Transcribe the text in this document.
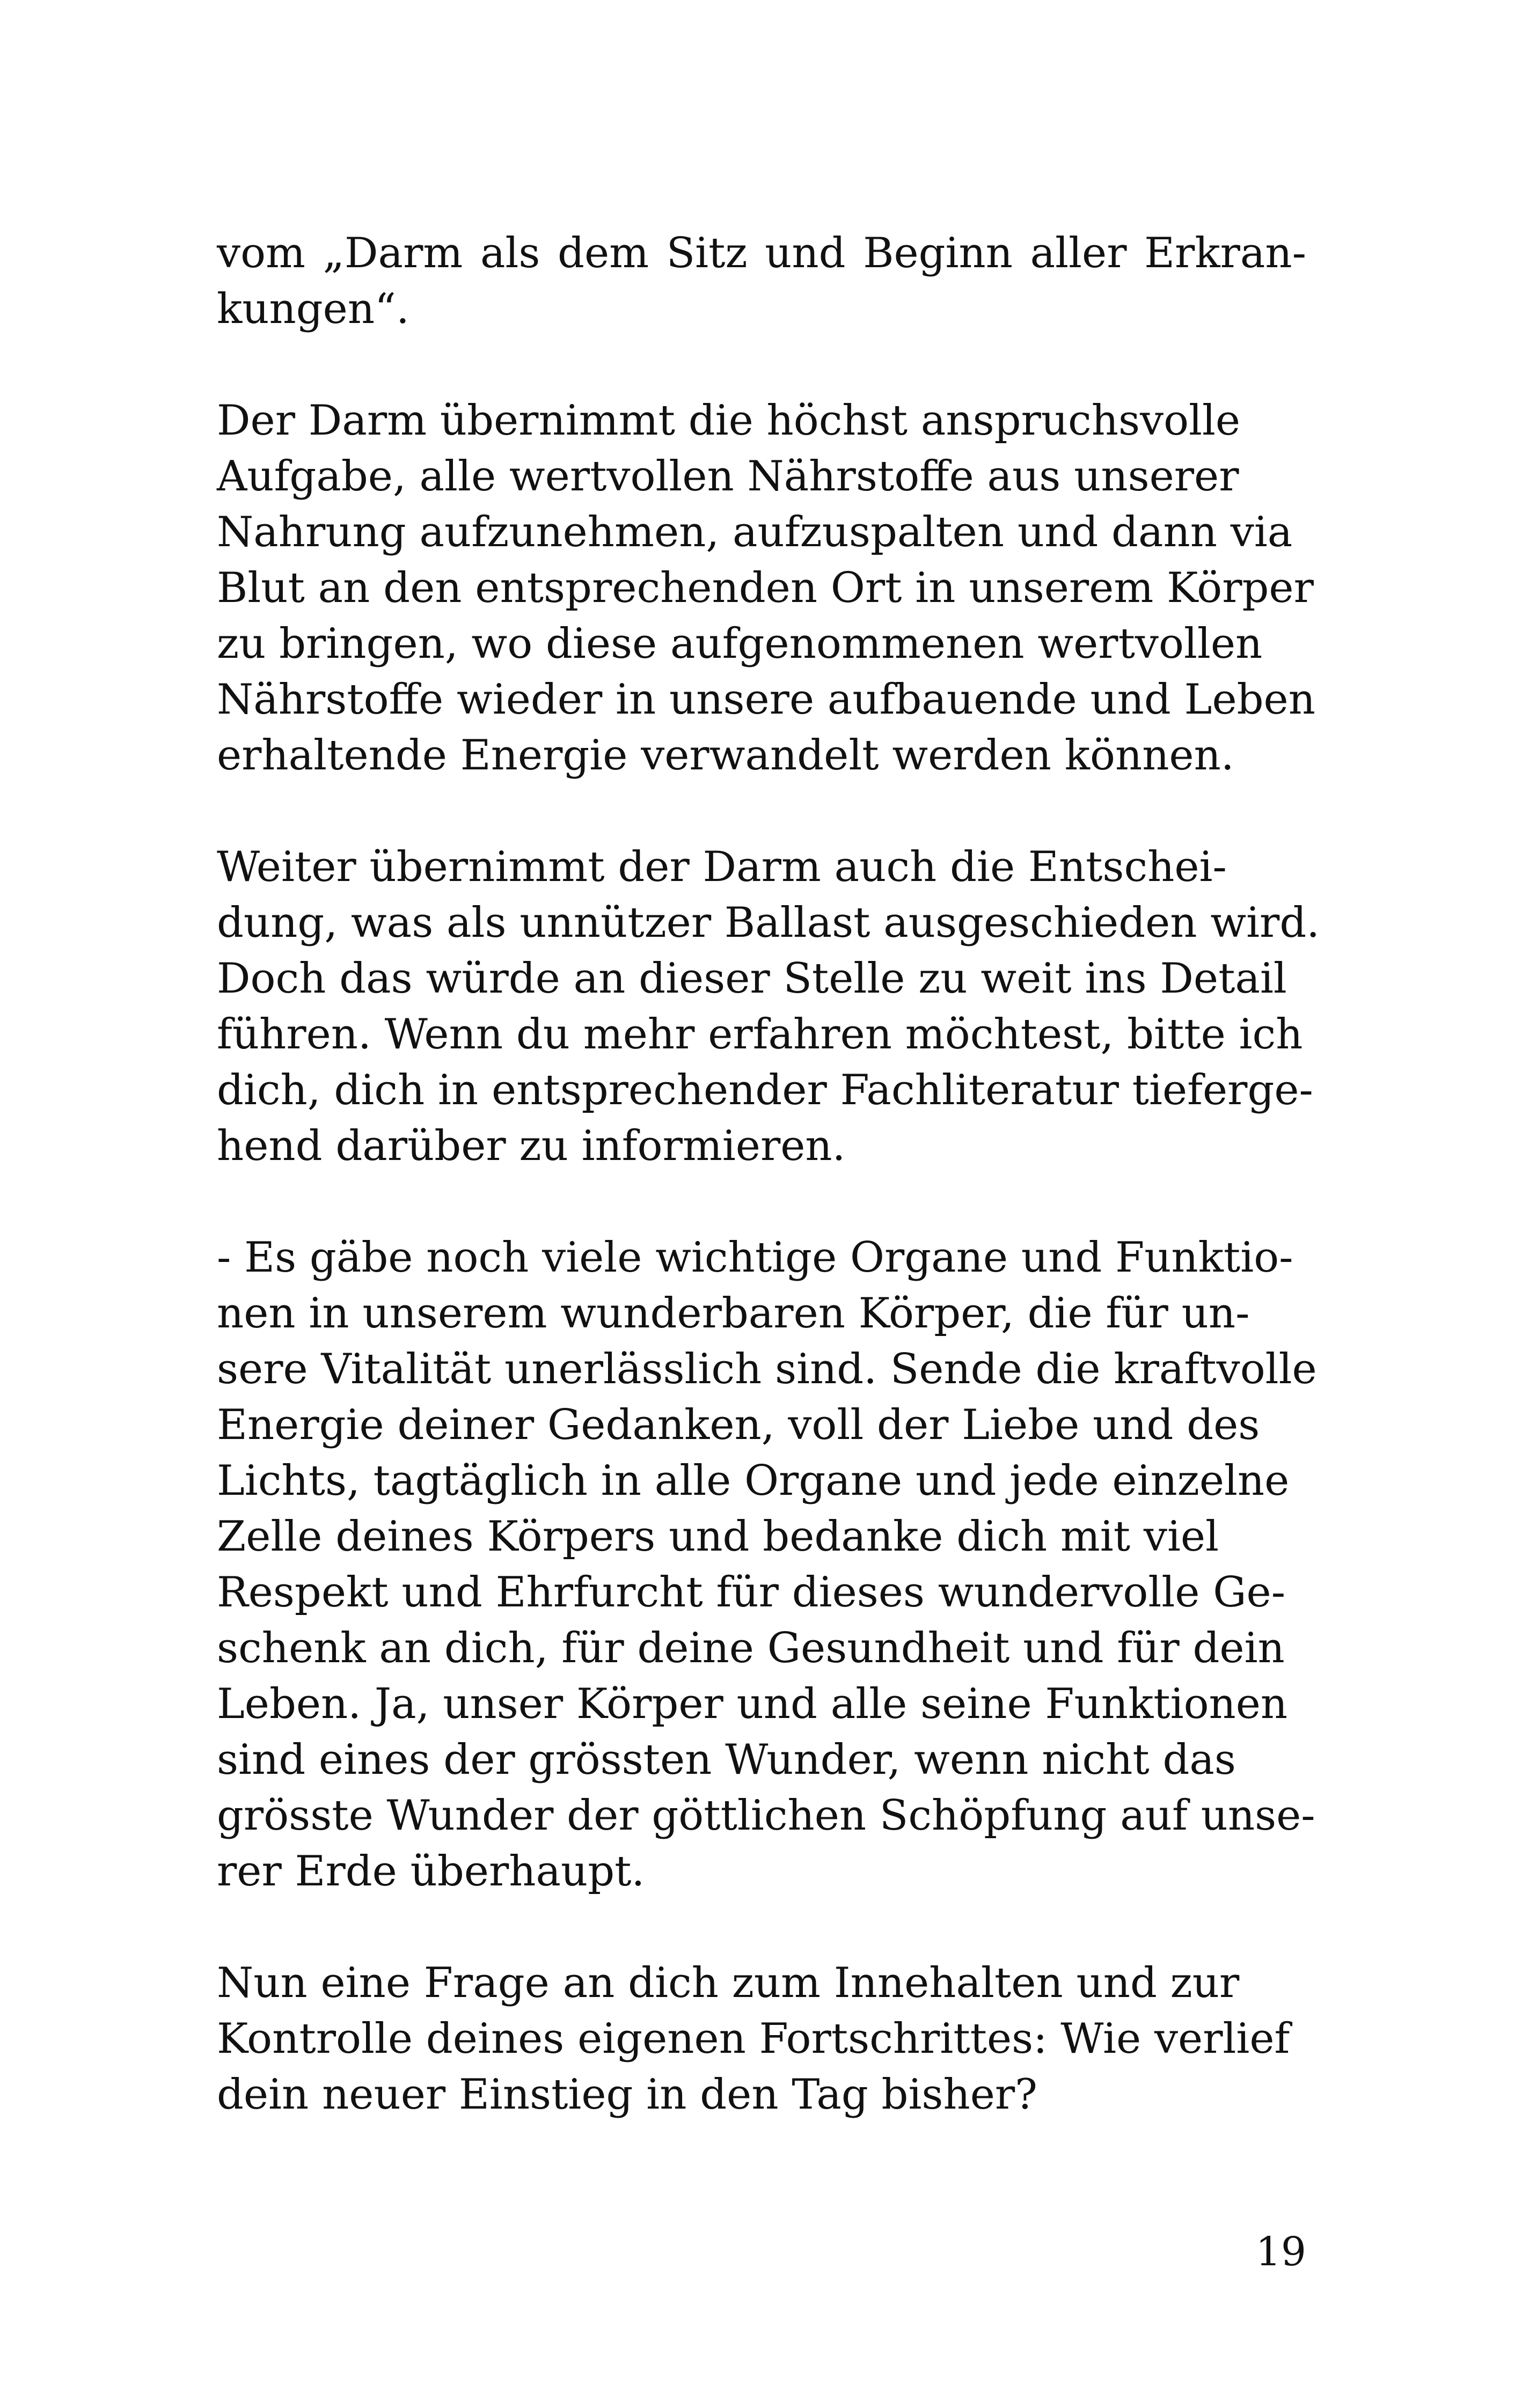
vom „Darm als dem Sitz und Beginn aller Erkran-
kungen“.
Der Darm übernimmt die höchst anspruchsvolle
Aufgabe, alle wertvollen Nährstoffe aus unserer
Nahrung aufzunehmen, aufzuspalten und dann via
Blut an den entsprechenden Ort in unserem Körper
zu bringen, wo diese aufgenommenen wertvollen
Nährstoffe wieder in unsere aufbauende und Leben
erhaltende Energie verwandelt werden können.
Weiter übernimmt der Darm auch die Entschei-
dung, was als unnützer Ballast ausgeschieden wird.
Doch das würde an dieser Stelle zu weit ins Detail
führen. Wenn du mehr erfahren möchtest, bitte ich
dich, dich in entsprechender Fachliteratur tieferge-
hend darüber zu informieren.
- Es gäbe noch viele wichtige Organe und Funktio-
nen in unserem wunderbaren Körper, die für un-
sere Vitalität unerlässlich sind. Sende die kraftvolle
Energie deiner Gedanken, voll der Liebe und des
Lichts, tagtäglich in alle Organe und jede einzelne
Zelle deines Körpers und bedanke dich mit viel
Respekt und Ehrfurcht für dieses wundervolle Ge-
schenk an dich, für deine Gesundheit und für dein
Leben. Ja, unser Körper und alle seine Funktionen
sind eines der grössten Wunder, wenn nicht das
grösste Wunder der göttlichen Schöpfung auf unse-
rer Erde überhaupt.
Nun eine Frage an dich zum Innehalten und zur
Kontrolle deines eigenen Fortschrittes: Wie verlief
dein neuer Einstieg in den Tag bisher?
19
